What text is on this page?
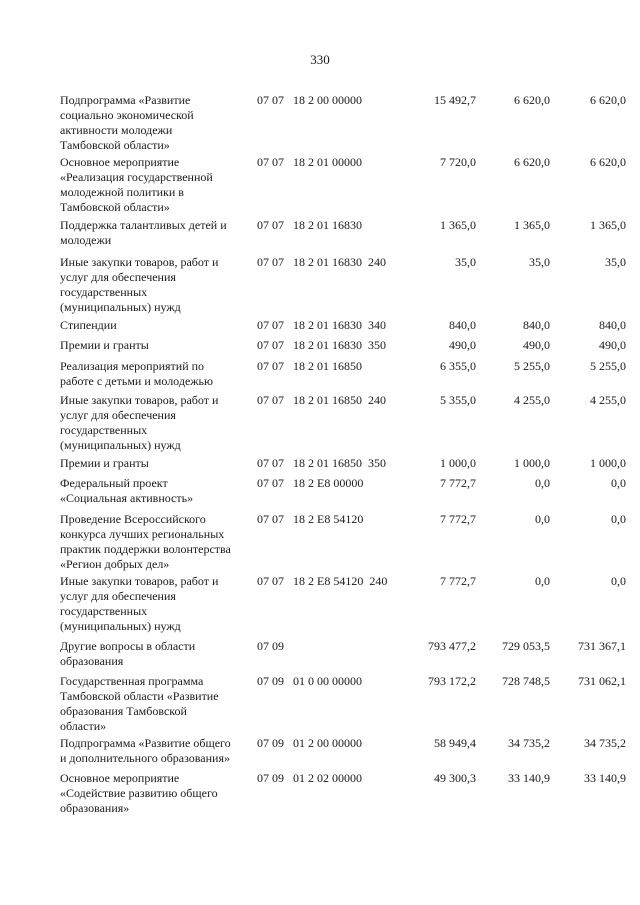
330
Подпрограмма «Развитие
социально экономической
активности молодежи
Тамбовской области»
07 07   18 2 00 00000	15 492,7	6 620,0	6 620,0
Основное мероприятие
«Реализация государственной
молодежной политики в
Тамбовской области»
07 07   18 2 01 00000	7 720,0	6 620,0	6 620,0
Поддержка талантливых детей и
молодежи
07 07   18 2 01 16830	1 365,0	1 365,0	1 365,0
Иные закупки товаров, работ и
услуг для обеспечения
государственных
(муниципальных) нужд
07 07   18 2 01 16830  240	35,0	35,0	35,0
Стипендии	07 07   18 2 01 16830  340	840,0	840,0	840,0
Премии и гранты	07 07   18 2 01 16830  350	490,0	490,0	490,0
Реализация мероприятий по
работе с детьми и молодежью
07 07   18 2 01 16850	6 355,0	5 255,0	5 255,0
Иные закупки товаров, работ и
услуг для обеспечения
государственных
(муниципальных) нужд
07 07   18 2 01 16850  240	5 355,0	4 255,0	4 255,0
Премии и гранты	07 07   18 2 01 16850  350	1 000,0	1 000,0	1 000,0
Федеральный проект
«Социальная активность»
07 07   18 2 E8 00000	7 772,7	0,0	0,0
Проведение Всероссийского
конкурса лучших региональных
практик поддержки волонтерства
«Регион добрых дел»
07 07   18 2 E8 54120	7 772,7	0,0	0,0
Иные закупки товаров, работ и
услуг для обеспечения
государственных
(муниципальных) нужд
07 07   18 2 E8 54120  240	7 772,7	0,0	0,0
Другие вопросы в области
образования
07 09	793 477,2	729 053,5	731 367,1
Государственная программа
Тамбовской области «Развитие
образования Тамбовской
области»
07 09   01 0 00 00000	793 172,2	728 748,5	731 062,1
Подпрограмма «Развитие общего
и дополнительного образования»
07 09   01 2 00 00000	58 949,4	34 735,2	34 735,2
Основное мероприятие
«Содействие развитию общего
образования»
07 09   01 2 02 00000	49 300,3	33 140,9	33 140,9
